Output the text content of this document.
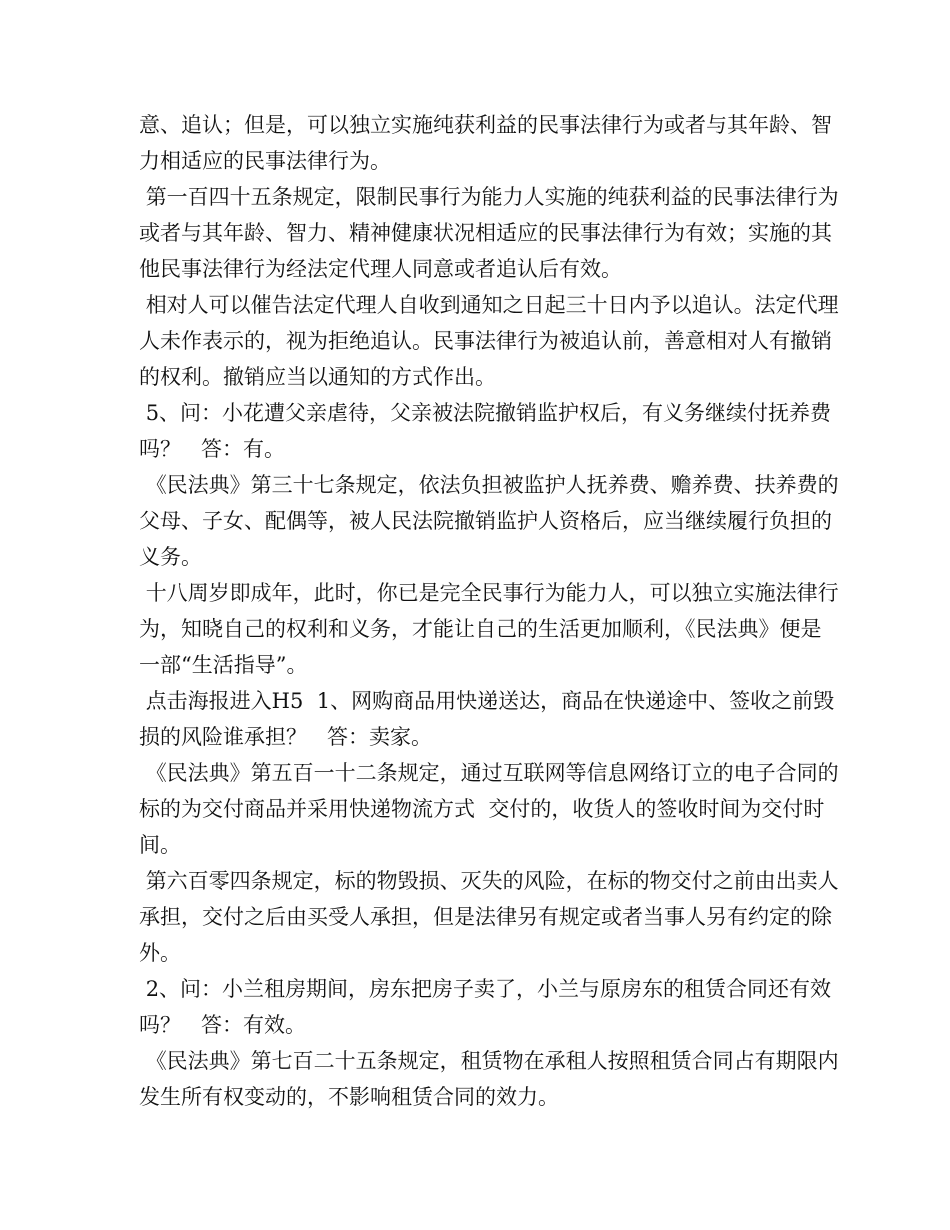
意、追认；但是，可以独立实施纯获利益的民事法律行为或者与其年龄、智力相适应的民事法律行为。

第一百四十五条规定，限制民事行为能力人实施的纯获利益的民事法律行为或者与其年龄、智力、精神健康状况相适应的民事法律行为有效；实施的其他民事法律行为经法定代理人同意或者追认后有效。

相对人可以催告法定代理人自收到通知之日起三十日内予以追认。法定代理人未作表示的，视为拒绝追认。民事法律行为被追认前，善意相对人有撤销的权利。撤销应当以通知的方式作出。

5、问：小花遭父亲虐待，父亲被法院撤销监护权后，有义务继续付抚养费吗？   答：有。

《民法典》第三十七条规定，依法负担被监护人抚养费、赡养费、扶养费的父母、子女、配偶等，被人民法院撤销监护人资格后，应当继续履行负担的义务。

十八周岁即成年，此时，你已是完全民事行为能力人，可以独立实施法律行为，知晓自己的权利和义务，才能让自己的生活更加顺利，《民法典》便是一部“生活指导”。

点击海报进入H5  1、网购商品用快递送达，商品在快递途中、签收之前毁损的风险谁承担？   答：卖家。

《民法典》第五百一十二条规定，通过互联网等信息网络订立的电子合同的标的为交付商品并采用快递物流方式  交付的，收货人的签收时间为交付时间。

第六百零四条规定，标的物毁损、灭失的风险，在标的物交付之前由出卖人承担，交付之后由买受人承担，但是法律另有规定或者当事人另有约定的除外。

2、问：小兰租房期间，房东把房子卖了，小兰与原房东的租赁合同还有效吗？   答：有效。

《民法典》第七百二十五条规定，租赁物在承租人按照租赁合同占有期限内发生所有权变动的，不影响租赁合同的效力。
